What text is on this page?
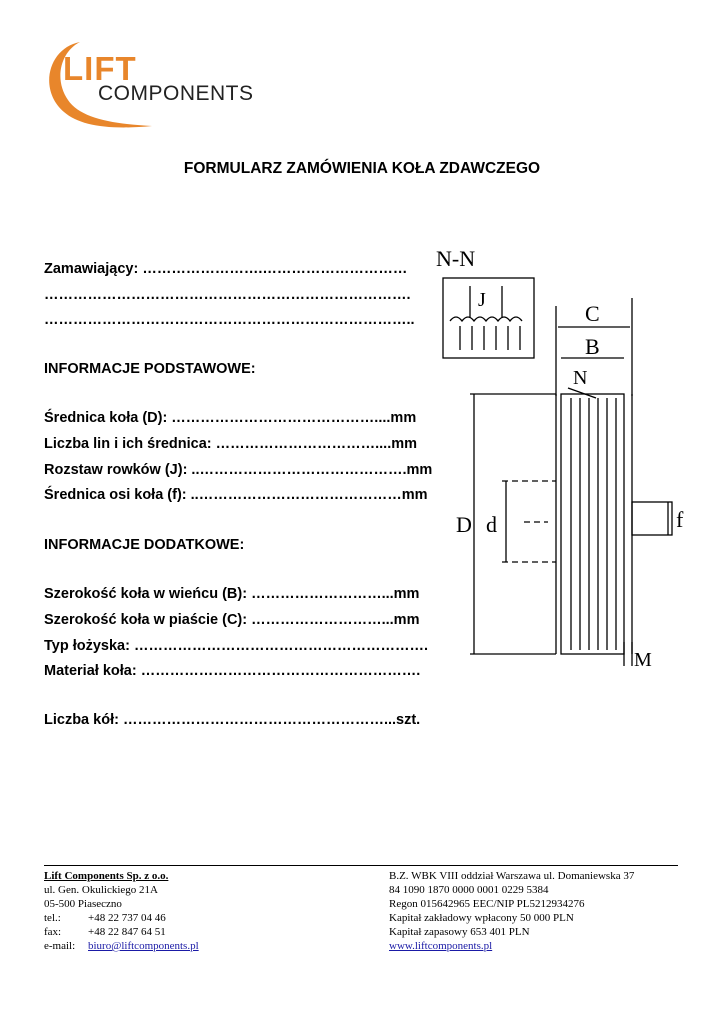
LIFT
COMPONENTS
FORMULARZ ZAMÓWIENIA KOŁA ZDAWCZEGO
Zamawiający: …………………….…………………………
………………………………………………………………….
…………………………………………………………………..
INFORMACJE PODSTAWOWE:
Średnica koła (D): ……………………………………....mm
Liczba lin i ich średnica: ……………………………....mm
Rozstaw rowków (J): ..…………………………………….mm
Średnica osi koła (f): ..……………………………………mm
INFORMACJE DODATKOWE:
Szerokość koła w wieńcu (B): ………………………...mm
Szerokość koła w piaście (C): ………………………...mm
Typ łożyska: …………………………………………………….
Materiał koła: ………………………………………………….
Liczba kół: ………………………………………………...szt.
N-N
J
C
B
N
D d	f
M
Lift Components Sp. z o.o.
ul. Gen. Okulickiego 21A
05-500 Piaseczno
tel.: +48 22 737 04 46
fax: +48 22 847 64 51
e-mail: biuro@liftcomponents.pl
B.Z. WBK VIII oddział Warszawa ul. Domaniewska 37
84 1090 1870 0000 0001 0229 5384
Regon 015642965 EEC/NIP PL5212934276
Kapitał zakładowy wpłacony 50 000 PLN
Kapitał zapasowy 653 401 PLN
www.liftcomponents.pl
